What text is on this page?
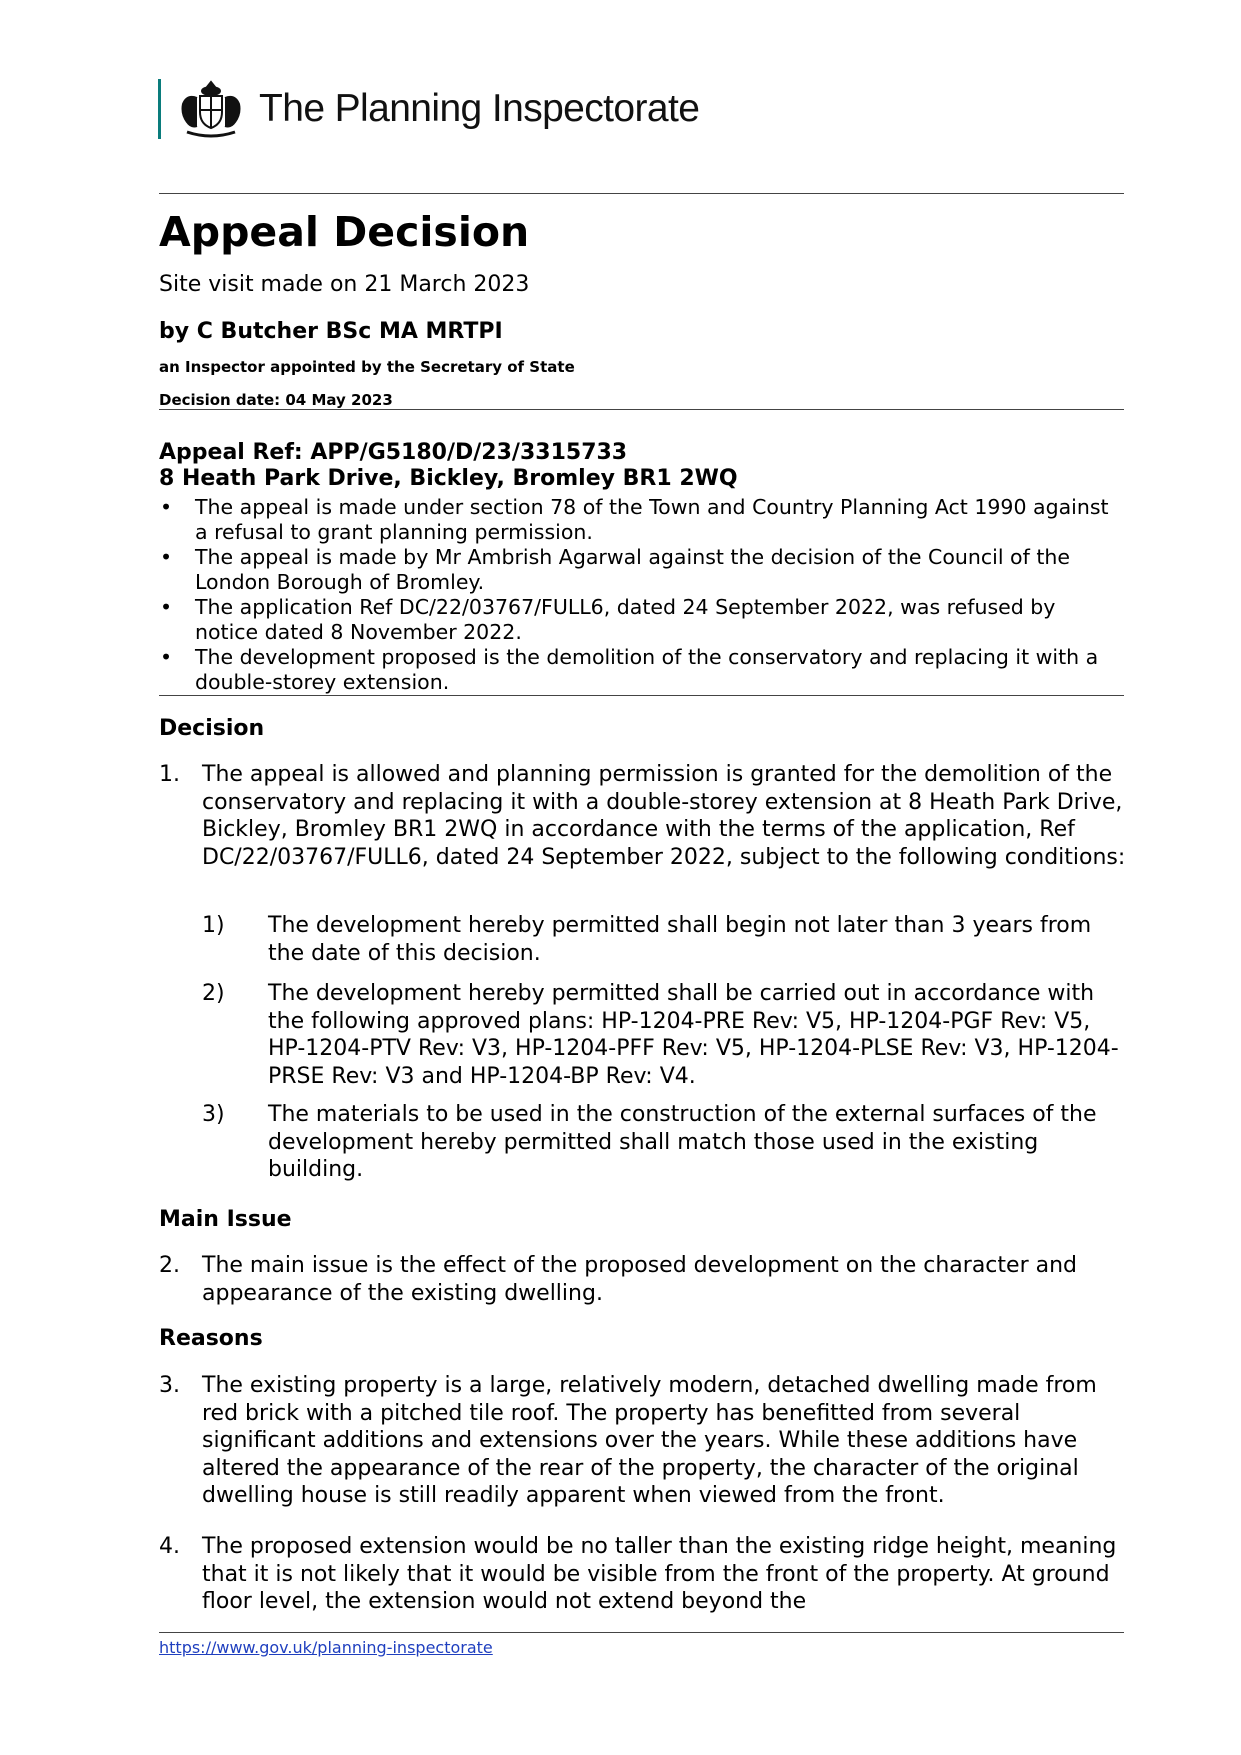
The Planning Inspectorate
Appeal Decision
Site visit made on 21 March 2023
by C Butcher BSc MA MRTPI
an Inspector appointed by the Secretary of State
Decision date: 04 May 2023
Appeal Ref: APP/G5180/D/23/3315733
8 Heath Park Drive, Bickley, Bromley BR1 2WQ
• The appeal is made under section 78 of the Town and Country Planning Act 1990 against a refusal to grant planning permission.
• The appeal is made by Mr Ambrish Agarwal against the decision of the Council of the London Borough of Bromley.
• The application Ref DC/22/03767/FULL6, dated 24 September 2022, was refused by notice dated 8 November 2022.
• The development proposed is the demolition of the conservatory and replacing it with a double-storey extension.
Decision
1. The appeal is allowed and planning permission is granted for the demolition of the conservatory and replacing it with a double-storey extension at 8 Heath Park Drive, Bickley, Bromley BR1 2WQ in accordance with the terms of the application, Ref DC/22/03767/FULL6, dated 24 September 2022, subject to the following conditions:
1) The development hereby permitted shall begin not later than 3 years from the date of this decision.
2) The development hereby permitted shall be carried out in accordance with the following approved plans: HP-1204-PRE Rev: V5, HP-1204-PGF Rev: V5, HP-1204-PTV Rev: V3, HP-1204-PFF Rev: V5, HP-1204-PLSE Rev: V3, HP-1204-PRSE Rev: V3 and HP-1204-BP Rev: V4.
3) The materials to be used in the construction of the external surfaces of the development hereby permitted shall match those used in the existing building.
Main Issue
2. The main issue is the effect of the proposed development on the character and appearance of the existing dwelling.
Reasons
3. The existing property is a large, relatively modern, detached dwelling made from red brick with a pitched tile roof. The property has benefitted from several significant additions and extensions over the years. While these additions have altered the appearance of the rear of the property, the character of the original dwelling house is still readily apparent when viewed from the front.
4. The proposed extension would be no taller than the existing ridge height, meaning that it is not likely that it would be visible from the front of the property. At ground floor level, the extension would not extend beyond the
https://www.gov.uk/planning-inspectorate
